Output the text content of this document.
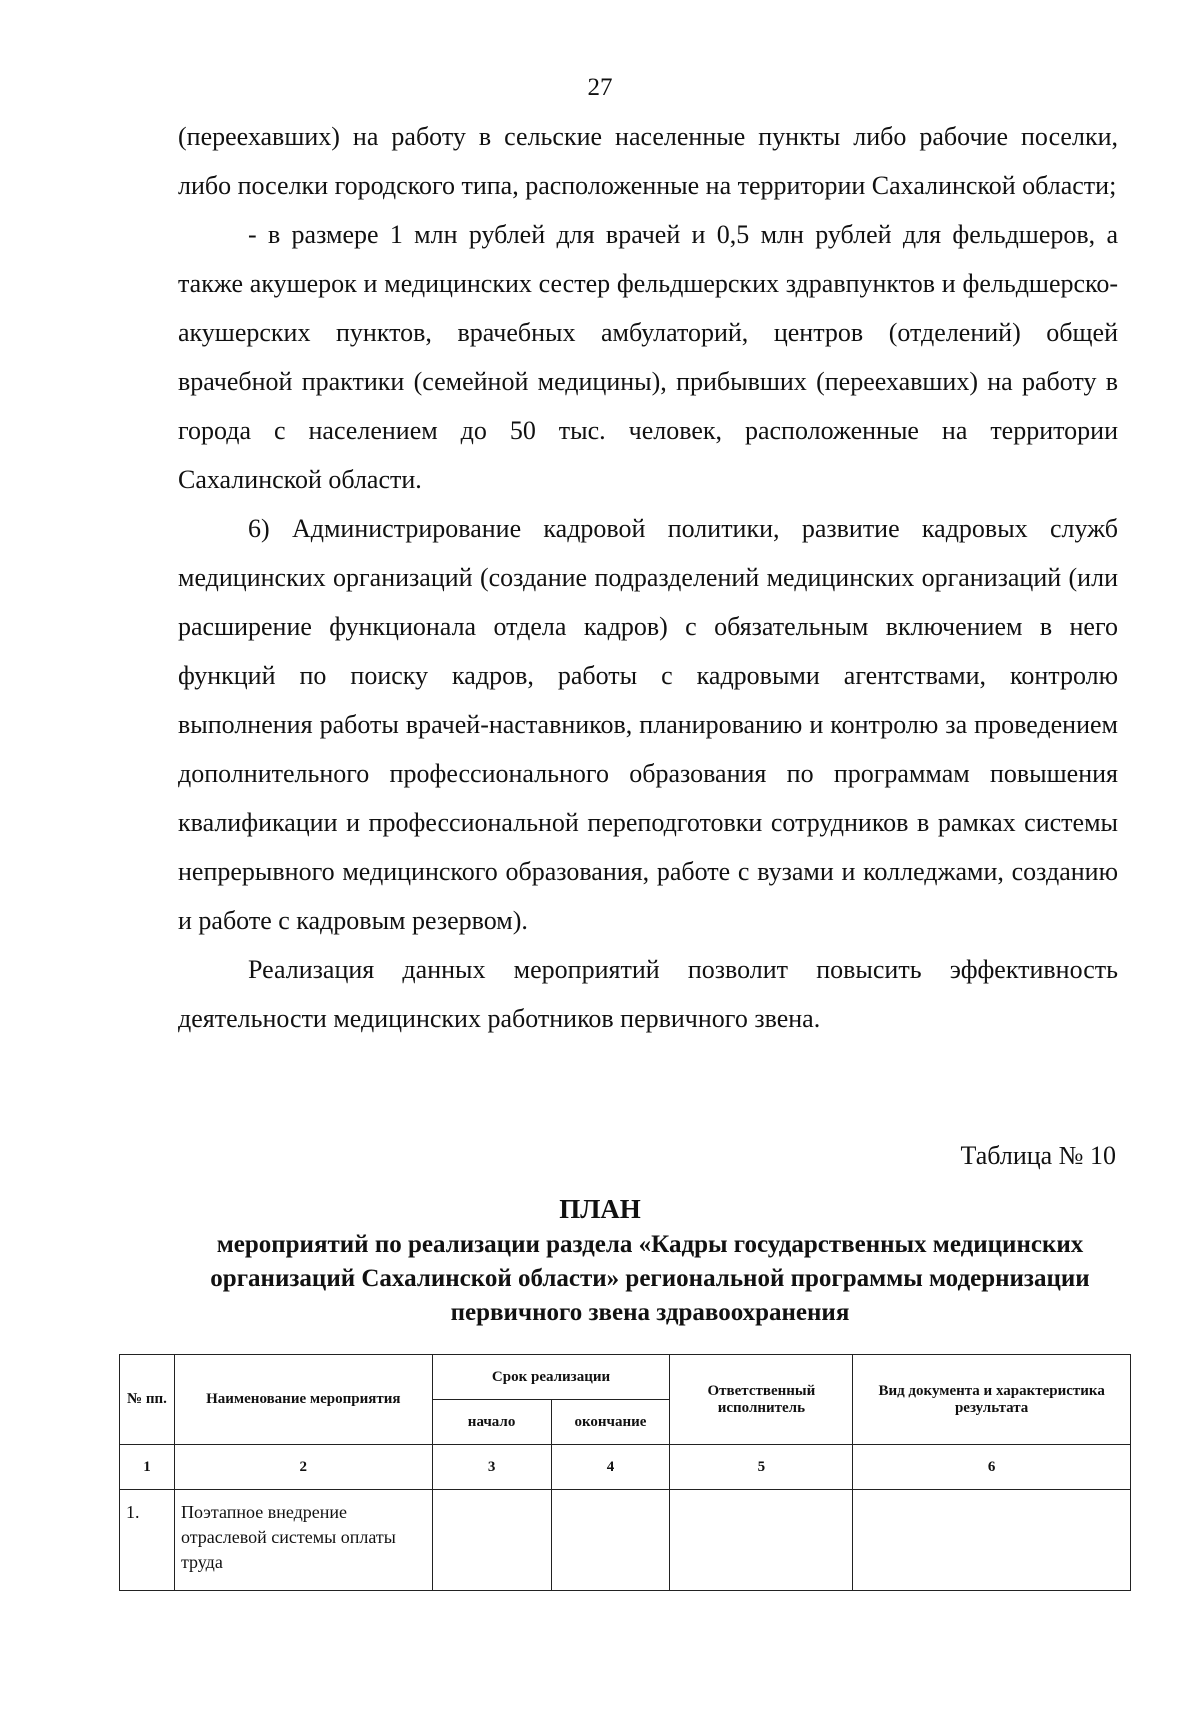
27

(переехавших) на работу в сельские населенные пункты либо рабочие поселки, либо поселки городского типа, расположенные на территории Сахалинской области;

- в размере 1 млн рублей для врачей и 0,5 млн рублей для фельдшеров, а также акушерок и медицинских сестер фельдшерских здравпунктов и фельдшерско-акушерских пунктов, врачебных амбулаторий, центров (отделений) общей врачебной практики (семейной медицины), прибывших (переехавших) на работу в города с населением до 50 тыс. человек, расположенные на территории Сахалинской области.

6) Администрирование кадровой политики, развитие кадровых служб медицинских организаций (создание подразделений медицинских организаций (или расширение функционала отдела кадров) с обязательным включением в него функций по поиску кадров, работы с кадровыми агентствами, контролю выполнения работы врачей-наставников, планированию и контролю за проведением дополнительного профессионального образования по программам повышения квалификации и профессиональной переподготовки сотрудников в рамках системы непрерывного медицинского образования, работе с вузами и колледжами, созданию и работе с кадровым резервом).

Реализация данных мероприятий позволит повысить эффективность деятельности медицинских работников первичного звена.

Таблица № 10
ПЛАН
мероприятий по реализации раздела «Кадры государственных медицинских организаций Сахалинской области» региональной программы модернизации первичного звена здравоохранения
№ пп.	Наименование мероприятия	Срок реализации		Ответственный исполнитель	Вид документа и характеристика результата
		начало	окончание		
1	2	3	4	5	6
1.	Поэтапное внедрение отраслевой системы оплаты труда				
